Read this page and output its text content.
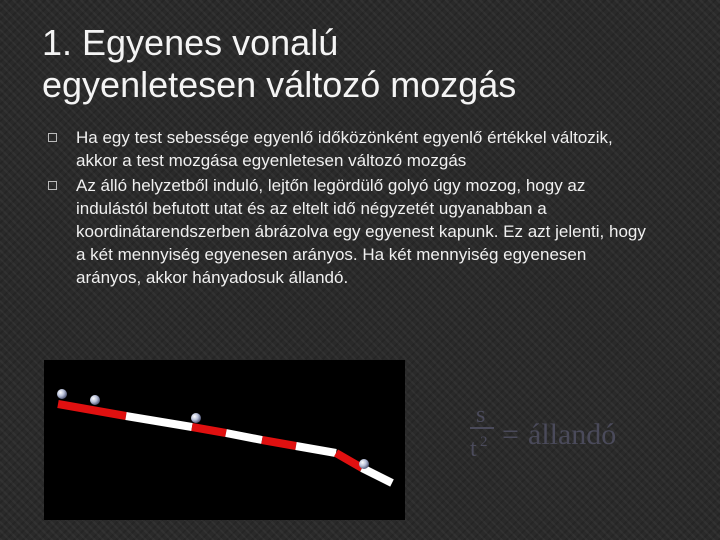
1. Egyenes vonalú
egyenletesen változó mozgás
Ha egy test sebessége egyenlő időközönként egyenlő értékkel változik, akkor a test mozgása egyenletesen változó mozgás
Az álló helyzetből induló, lejtőn legördülő golyó úgy mozog, hogy az indulástól befutott utat és az eltelt idő négyzetét ugyanabban a koordinátarendszerben ábrázolva egy egyenest kapunk. Ez azt jelenti, hogy a két mennyiség egyenesen arányos. Ha két mennyiség egyenesen arányos, akkor hányadosuk állandó.
s
t 2 = állandó
